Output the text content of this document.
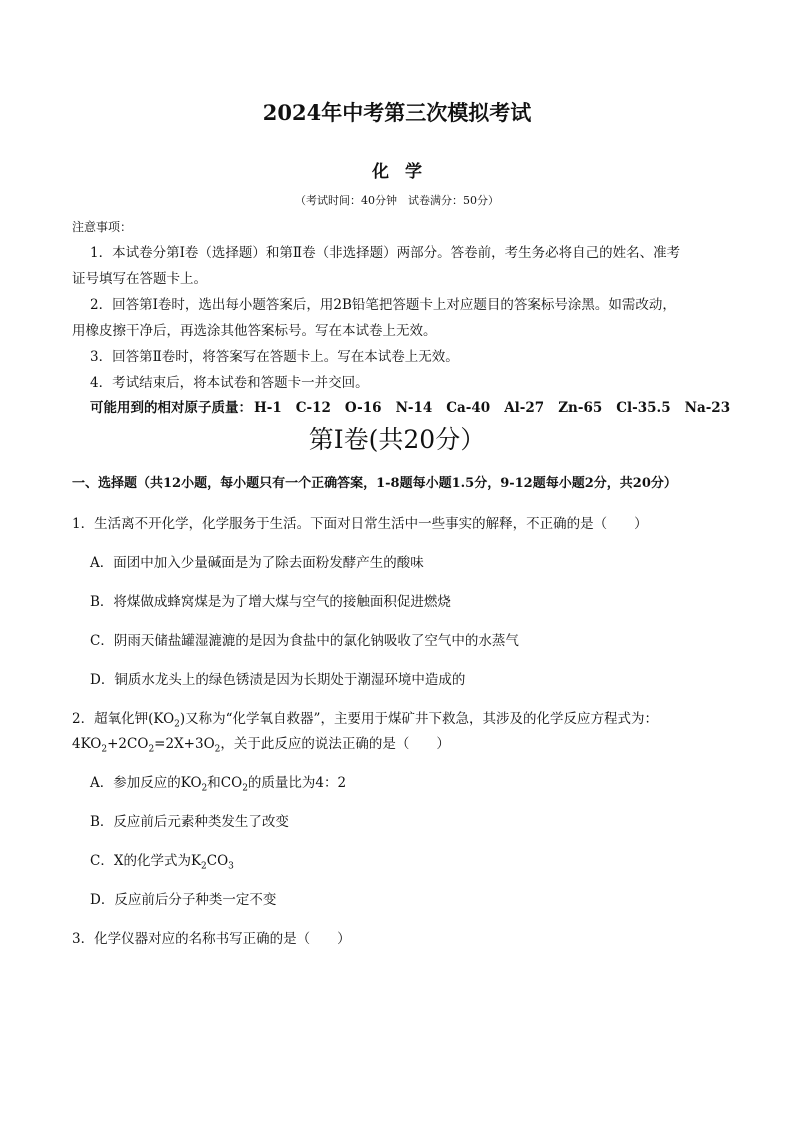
2024年中考第三次模拟考试
化学
（考试时间：40分钟　试卷满分：50分）
注意事项：
1．本试卷分第Ⅰ卷（选择题）和第Ⅱ卷（非选择题）两部分。答卷前，考生务必将自己的姓名、准考
证号填写在答题卡上。
2．回答第Ⅰ卷时，选出每小题答案后，用2B铅笔把答题卡上对应题目的答案标号涂黑。如需改动，
用橡皮擦干净后，再选涂其他答案标号。写在本试卷上无效。
3．回答第Ⅱ卷时，将答案写在答题卡上。写在本试卷上无效。
4．考试结束后，将本试卷和答题卡一并交回。
可能用到的相对原子质量： H-1 C-12 O-16 N-14 Ca-40 Al-27 Zn-65 Cl-35.5 Na-23
第Ⅰ卷(共20分）
一、选择题（共12小题，每小题只有一个正确答案，1-8题每小题1.5分，9-12题每小题2分，共20分）
1．生活离不开化学，化学服务于生活。下面对日常生活中一些事实的解释，不正确的是（　　）
A．面团中加入少量碱面是为了除去面粉发酵产生的酸味
B．将煤做成蜂窝煤是为了增大煤与空气的接触面积促进燃烧
C．阴雨天储盐罐湿漉漉的是因为食盐中的氯化钠吸收了空气中的水蒸气
D．铜质水龙头上的绿色锈渍是因为长期处于潮湿环境中造成的
2．超氧化钾$(KO_2)$又称为“化学氧自救器”，主要用于煤矿井下救急，其涉及的化学反应方程式为：
$4KO_2+2CO_2=2X+3O_2$，关于此反应的说法正确的是（　　）
A．参加反应的$KO_2$和$CO_2$的质量比为4：2
B．反应前后元素种类发生了改变
C．X的化学式为$K_2CO_3$
D．反应前后分子种类一定不变
3．化学仪器对应的名称书写正确的是（　　）
